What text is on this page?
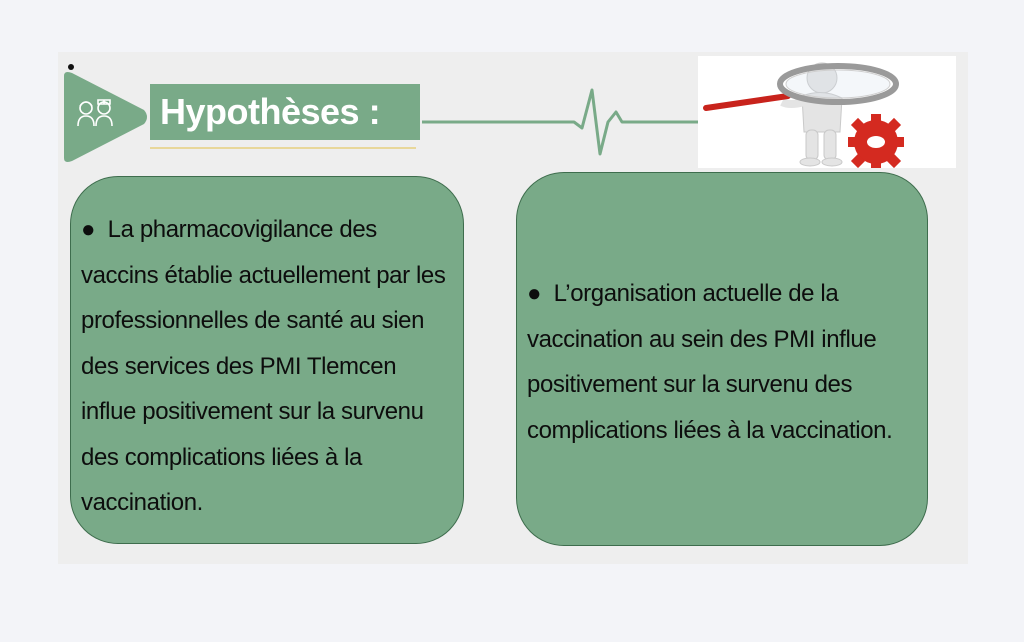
Hypothèses :
● La pharmacovigilance des vaccins établie actuellement par les professionnelles de santé au sien des services des PMI Tlemcen influe positivement sur la survenu des complications liées à la vaccination.
● L’organisation actuelle de la vaccination au sein des PMI influe positivement sur la survenu des complications liées à la vaccination.
